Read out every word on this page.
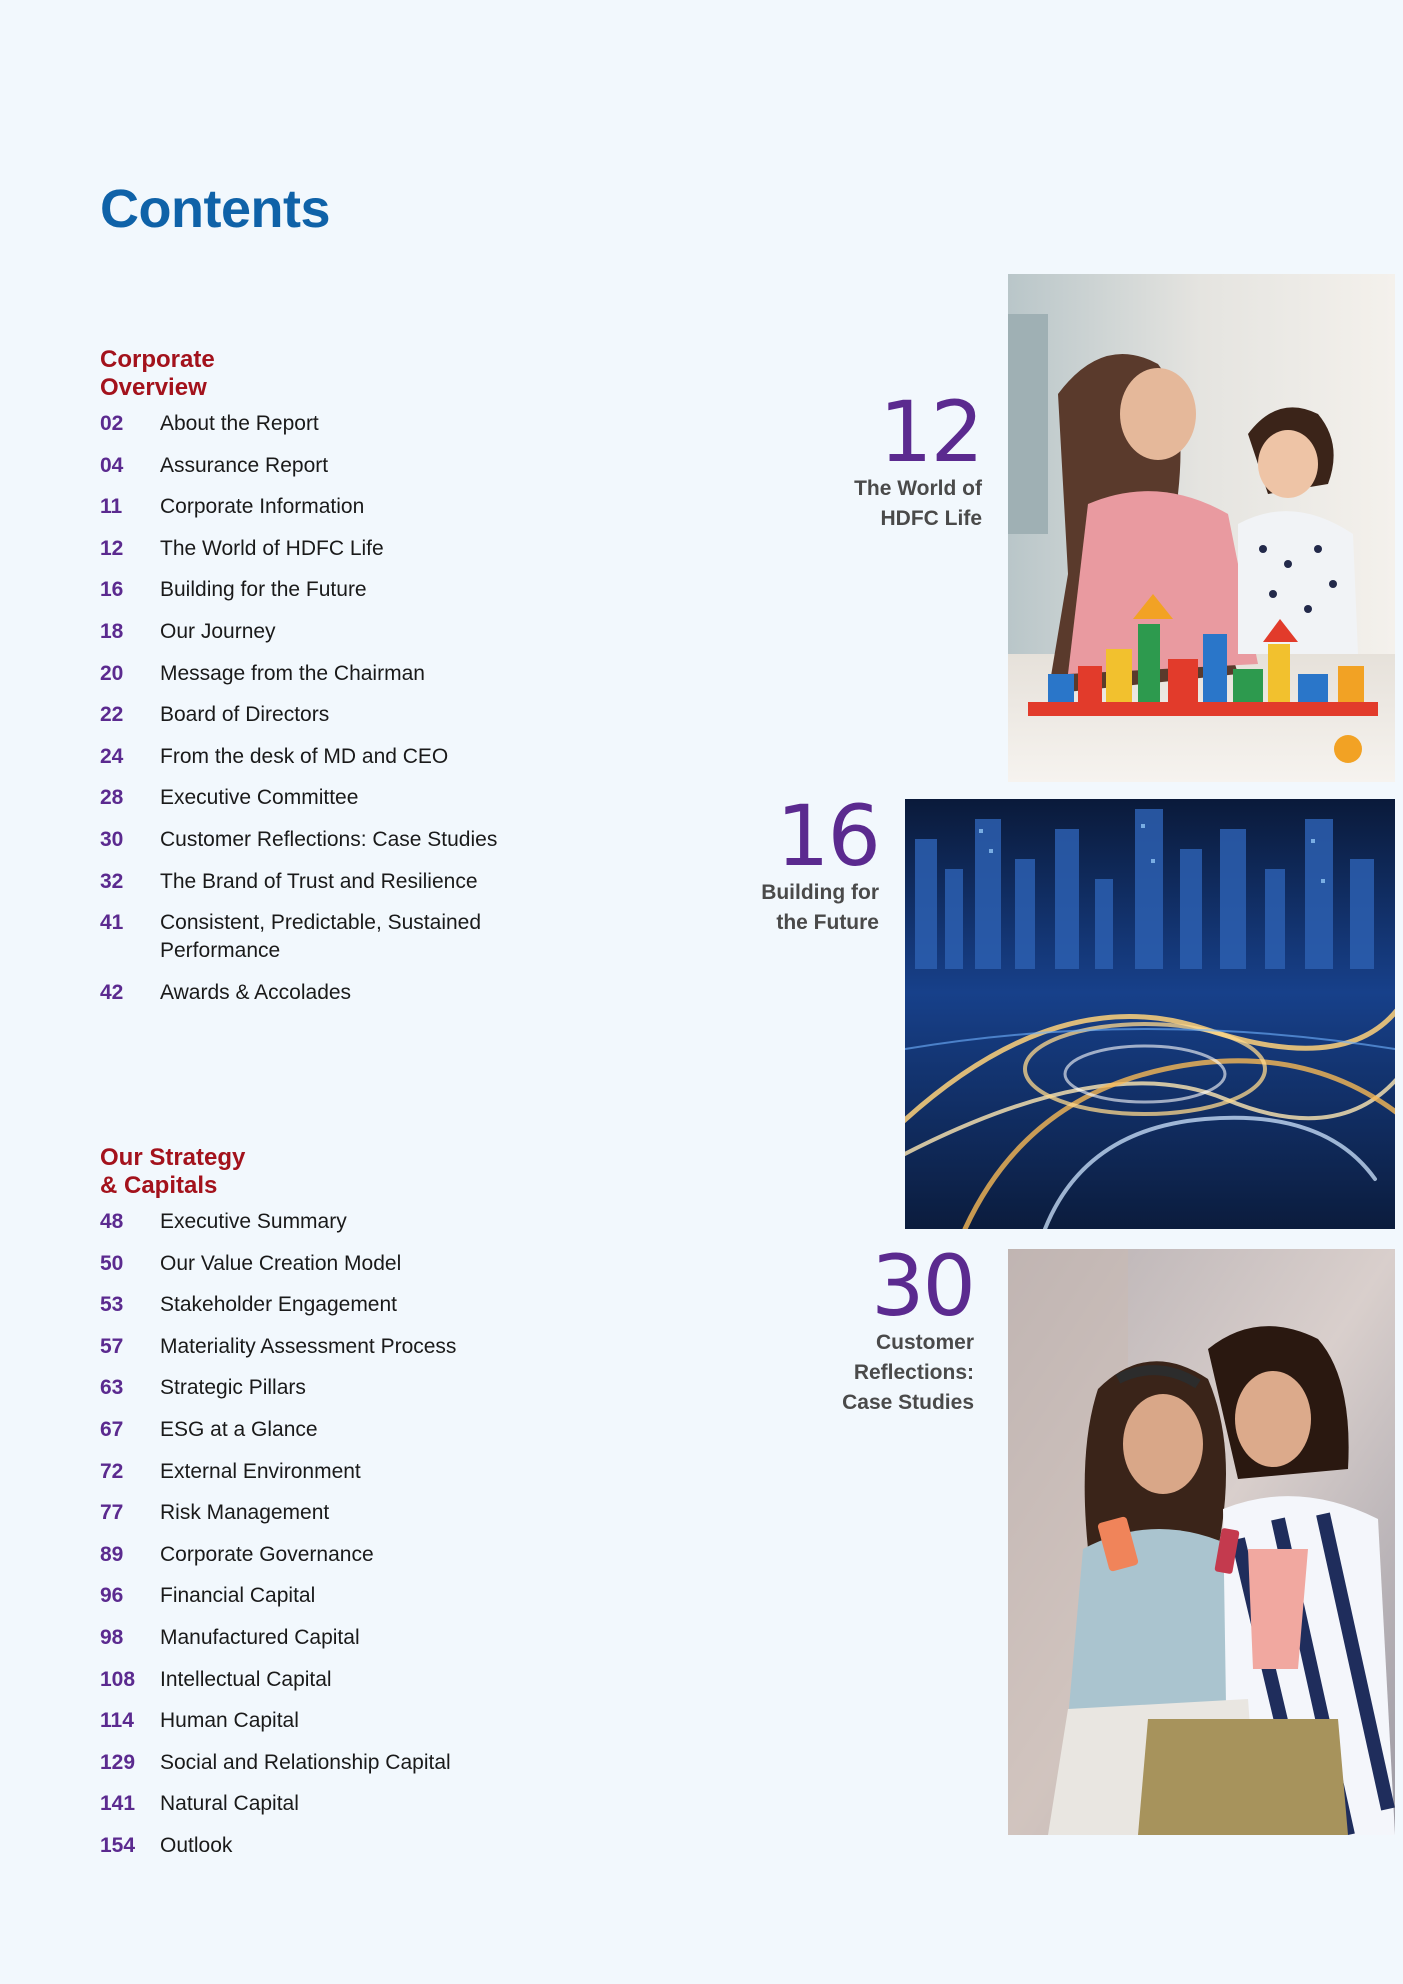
Contents
Corporate
Overview
02	About the Report
04	Assurance Report
11	Corporate Information
12	The World of HDFC Life
16	Building for the Future
18	Our Journey
20	Message from the Chairman
22	Board of Directors
24	From the desk of MD and CEO
28	Executive Committee
30	Customer Reflections: Case Studies
32	The Brand of Trust and Resilience
41	Consistent, Predictable, Sustained
Performance
42	Awards & Accolades
Our Strategy
& Capitals
48	Executive Summary
50	Our Value Creation Model
53	Stakeholder Engagement
57	Materiality Assessment Process
63	Strategic Pillars
67	ESG at a Glance
72	External Environment
77	Risk Management
89	Corporate Governance
96	Financial Capital
98	Manufactured Capital
108	Intellectual Capital
114	Human Capital
129	Social and Relationship Capital
141	Natural Capital
154	Outlook
12
The World of
HDFC Life
16
Building for
the Future
30
Customer
Reflections:
Case Studies
